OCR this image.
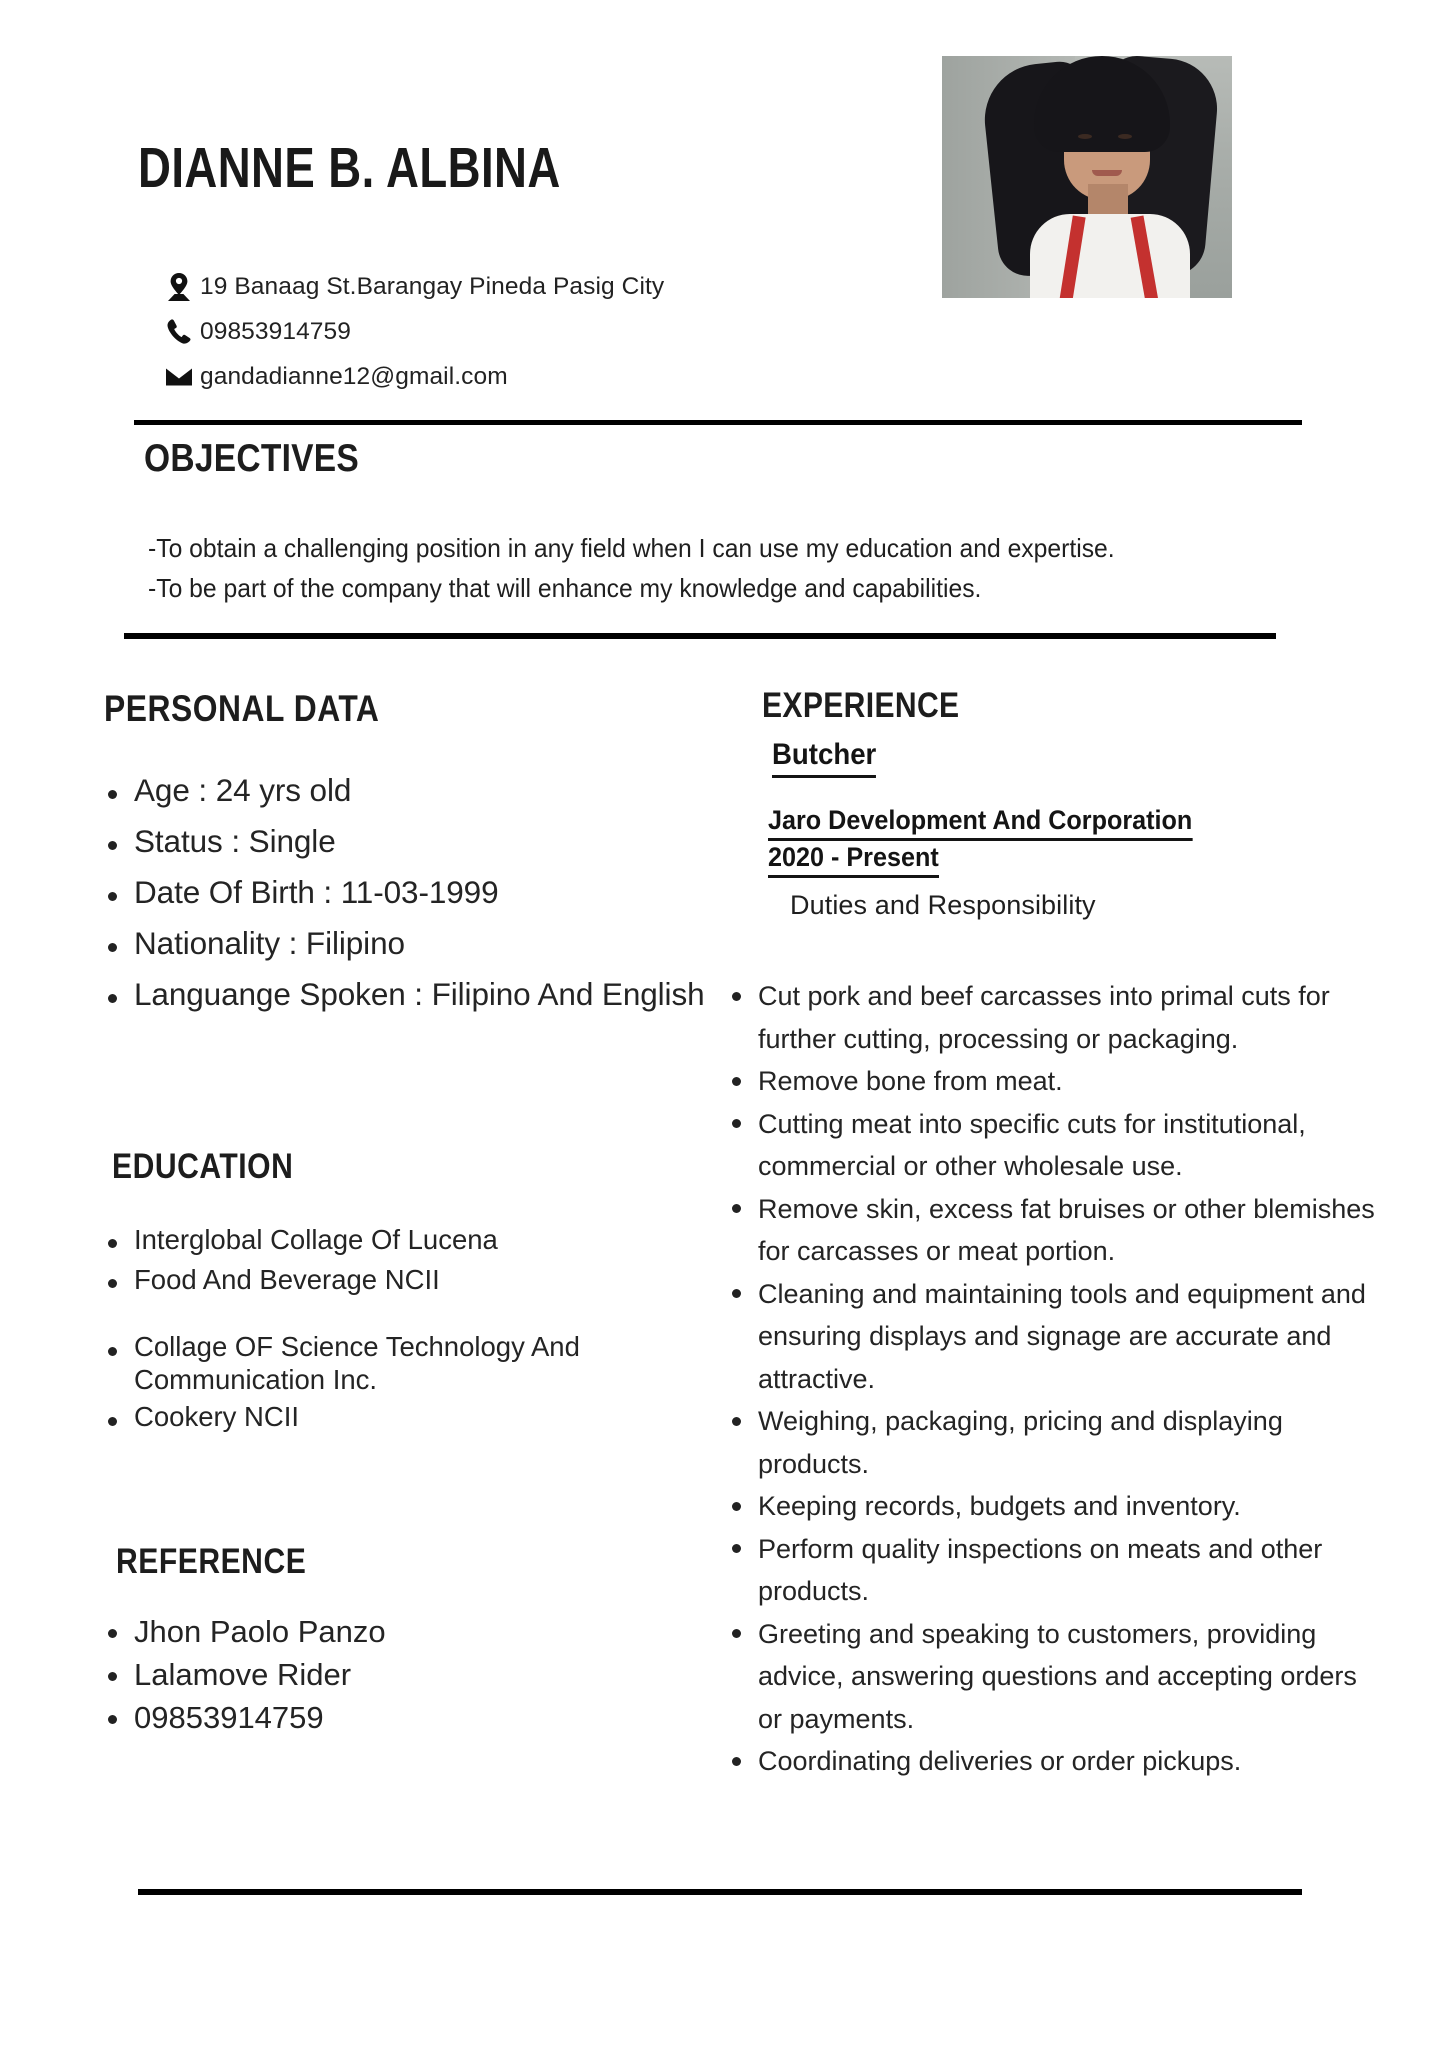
DIANNE B. ALBINA
19 Banaag St.Barangay Pineda Pasig City
09853914759
gandadianne12@gmail.com
OBJECTIVES
-To obtain a challenging position in any field when I can use my education and expertise.
-To be part of the company that will enhance my knowledge and capabilities.
PERSONAL DATA
Age : 24 yrs old
Status : Single
Date Of Birth : 11-03-1999
Nationality : Filipino
Languange Spoken : Filipino And English
EDUCATION
Interglobal Collage Of Lucena
Food And Beverage NCII
Collage OF Science Technology And Communication Inc.
Cookery NCII
REFERENCE
Jhon Paolo Panzo
Lalamove Rider
09853914759
EXPERIENCE
Butcher
Jaro Development And Corporation
2020 - Present
Duties and Responsibility
Cut pork and beef carcasses into primal cuts for further cutting, processing or packaging.
Remove bone from meat.
Cutting meat into specific cuts for institutional, commercial or other wholesale use.
Remove skin, excess fat bruises or other blemishes for carcasses or meat portion.
Cleaning and maintaining tools and equipment and ensuring displays and signage are accurate and attractive.
Weighing, packaging, pricing and displaying products.
Keeping records, budgets and inventory.
Perform quality inspections on meats and other products.
Greeting and speaking to customers, providing advice, answering questions and accepting orders or payments.
Coordinating deliveries or order pickups.
